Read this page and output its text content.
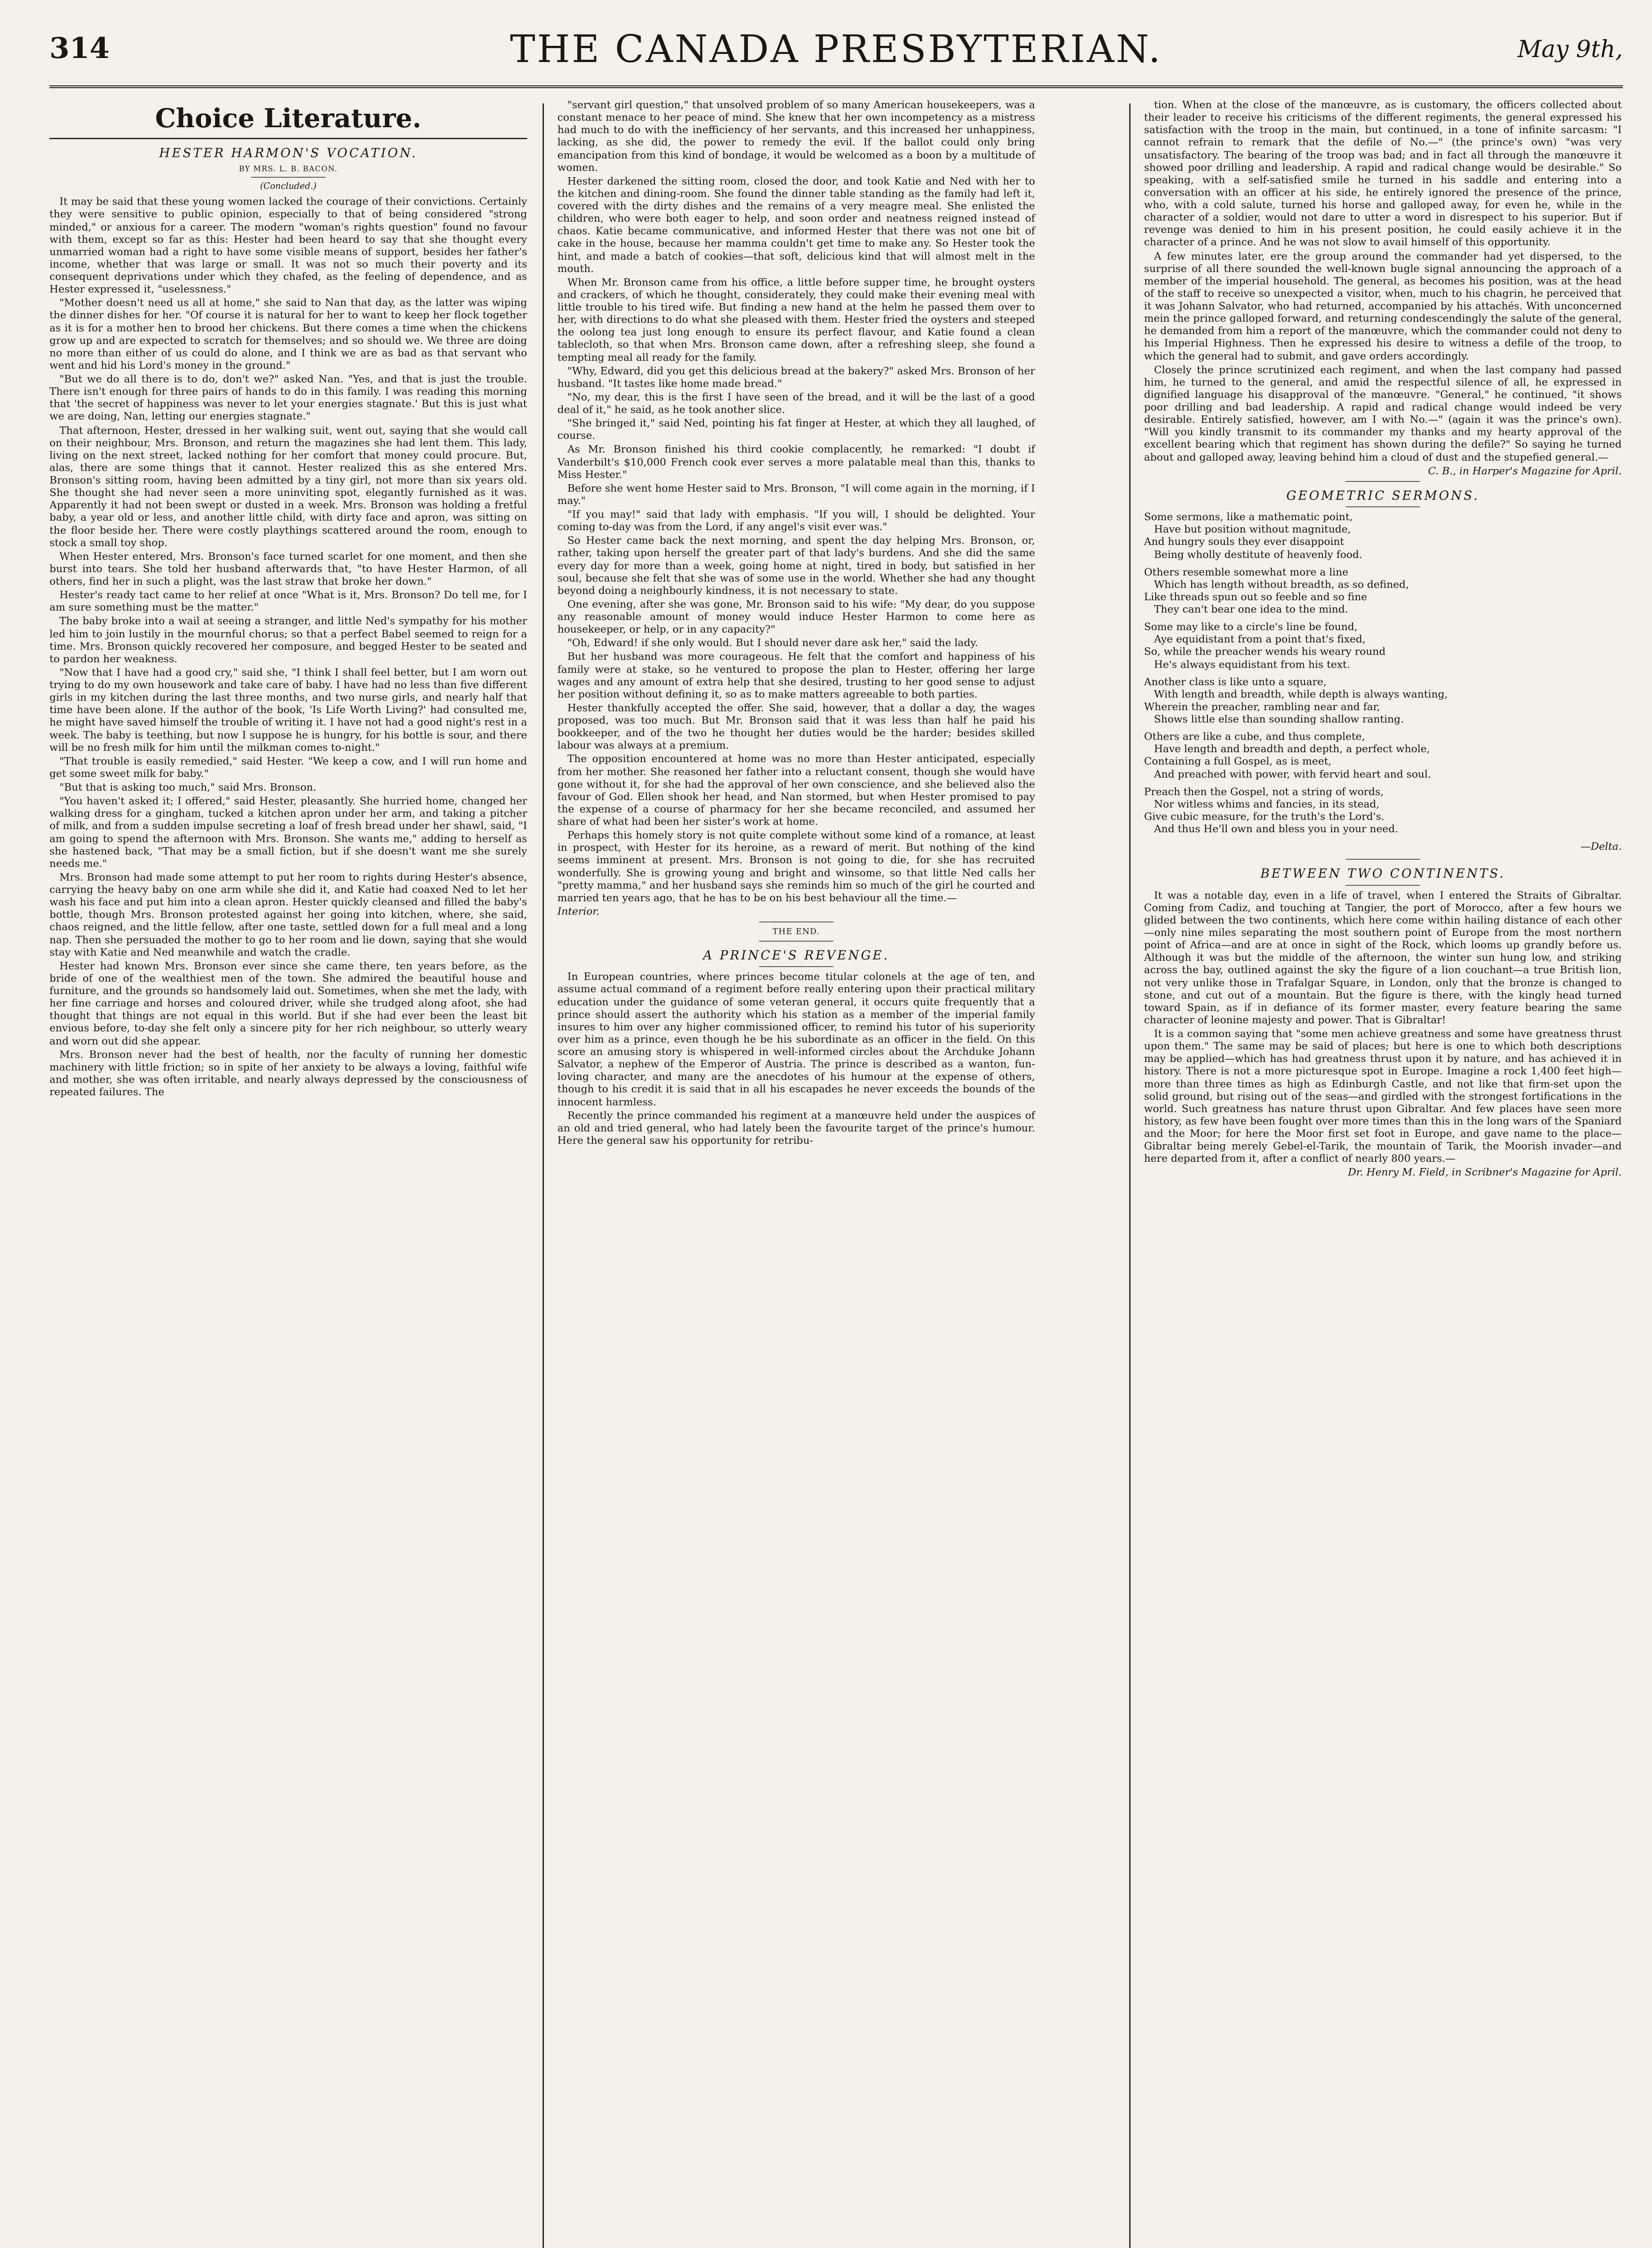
314	THE CANADA PRESBYTERIAN.	May 9th,
Choice Literature.
HESTER HARMON'S VOCATION.
BY MRS. L. B. BACON.
(Concluded.)

It may be said that these young women lacked the courage of their convictions. Certainly they were sensitive to public opinion, especially to that of being considered "strong minded," or anxious for a career. The modern "woman's rights question" found no favour with them, except so far as this: Hester had been heard to say that she thought every unmarried woman had a right to have some visible means of support, besides her father's income, whether that was large or small. It was not so much their poverty and its consequent deprivations under which they chafed, as the feeling of dependence, and as Hester expressed it, "uselessness."

"Mother doesn't need us all at home," she said to Nan that day, as the latter was wiping the dinner dishes for her. "Of course it is natural for her to want to keep her flock together as it is for a mother hen to brood her chickens. But there comes a time when the chickens grow up and are expected to scratch for themselves; and so should we. We three are doing no more than either of us could do alone, and I think we are as bad as that servant who went and hid his Lord's money in the ground."

"But we do all there is to do, don't we?" asked Nan. "Yes, and that is just the trouble. There isn't enough for three pairs of hands to do in this family. I was reading this morning that 'the secret of happiness was never to let your energies stagnate.' But this is just what we are doing, Nan, letting our energies stagnate."

That afternoon, Hester, dressed in her walking suit, went out, saying that she would call on their neighbour, Mrs. Bronson, and return the magazines she had lent them. This lady, living on the next street, lacked nothing for her comfort that money could procure. But, alas, there are some things that it cannot. Hester realized this as she entered Mrs. Bronson's sitting room, having been admitted by a tiny girl, not more than six years old. She thought she had never seen a more uninviting spot, elegantly furnished as it was. Apparently it had not been swept or dusted in a week. Mrs. Bronson was holding a fretful baby, a year old or less, and another little child, with dirty face and apron, was sitting on the floor beside her. There were costly playthings scattered around the room, enough to stock a small toy shop.

When Hester entered, Mrs. Bronson's face turned scarlet for one moment, and then she burst into tears. She told her husband afterwards that, "to have Hester Harmon, of all others, find her in such a plight, was the last straw that broke her down."

Hester's ready tact came to her relief at once "What is it, Mrs. Bronson? Do tell me, for I am sure something must be the matter."

The baby broke into a wail at seeing a stranger, and little Ned's sympathy for his mother led him to join lustily in the mournful chorus; so that a perfect Babel seemed to reign for a time. Mrs. Bronson quickly recovered her composure, and begged Hester to be seated and to pardon her weakness.

"Now that I have had a good cry," said she, "I think I shall feel better, but I am worn out trying to do my own housework and take care of baby. I have had no less than five different girls in my kitchen during the last three months, and two nurse girls, and nearly half that time have been alone. If the author of the book, 'Is Life Worth Living?' had consulted me, he might have saved himself the trouble of writing it. I have not had a good night's rest in a week. The baby is teething, but now I suppose he is hungry, for his bottle is sour, and there will be no fresh milk for him until the milkman comes to-night."

"That trouble is easily remedied," said Hester. "We keep a cow, and I will run home and get some sweet milk for baby."

"But that is asking too much," said Mrs. Bronson.

"You haven't asked it; I offered," said Hester, pleasantly. She hurried home, changed her walking dress for a gingham, tucked a kitchen apron under her arm, and taking a pitcher of milk, and from a sudden impulse secreting a loaf of fresh bread under her shawl, said, "I am going to spend the afternoon with Mrs. Bronson. She wants me," adding to herself as she hastened back, "That may be a small fiction, but if she doesn't want me she surely needs me."

Mrs. Bronson had made some attempt to put her room to rights during Hester's absence, carrying the heavy baby on one arm while she did it, and Katie had coaxed Ned to let her wash his face and put him into a clean apron. Hester quickly cleansed and filled the baby's bottle, though Mrs. Bronson protested against her going into kitchen, where, she said, chaos reigned, and the little fellow, after one taste, settled down for a full meal and a long nap. Then she persuaded the mother to go to her room and lie down, saying that she would stay with Katie and Ned meanwhile and watch the cradle.

Hester had known Mrs. Bronson ever since she came there, ten years before, as the bride of one of the wealthiest men of the town. She admired the beautiful house and furniture, and the grounds so handsomely laid out. Sometimes, when she met the lady, with her fine carriage and horses and coloured driver, while she trudged along afoot, she had thought that things are not equal in this world. But if she had ever been the least bit envious before, to-day she felt only a sincere pity for her rich neighbour, so utterly weary and worn out did she appear.

Mrs. Bronson never had the best of health, nor the faculty of running her domestic machinery with little friction; so in spite of her anxiety to be always a loving, faithful wife and mother, she was often irritable, and nearly always depressed by the consciousness of repeated failures. The

"servant girl question," that unsolved problem of so many American housekeepers, was a constant menace to her peace of mind. She knew that her own incompetency as a mistress had much to do with the inefficiency of her servants, and this increased her unhappiness, lacking, as she did, the power to remedy the evil. If the ballot could only bring emancipation from this kind of bondage, it would be welcomed as a boon by a multitude of women.

Hester darkened the sitting room, closed the door, and took Katie and Ned with her to the kitchen and dining-room. She found the dinner table standing as the family had left it, covered with the dirty dishes and the remains of a very meagre meal. She enlisted the children, who were both eager to help, and soon order and neatness reigned instead of chaos. Katie became communicative, and informed Hester that there was not one bit of cake in the house, because her mamma couldn't get time to make any. So Hester took the hint, and made a batch of cookies—that soft, delicious kind that will almost melt in the mouth.

When Mr. Bronson came from his office, a little before supper time, he brought oysters and crackers, of which he thought, considerately, they could make their evening meal with little trouble to his tired wife. But finding a new hand at the helm he passed them over to her, with directions to do what she pleased with them. Hester fried the oysters and steeped the oolong tea just long enough to ensure its perfect flavour, and Katie found a clean tablecloth, so that when Mrs. Bronson came down, after a refreshing sleep, she found a tempting meal all ready for the family.

"Why, Edward, did you get this delicious bread at the bakery?" asked Mrs. Bronson of her husband. "It tastes like home made bread."

"No, my dear, this is the first I have seen of the bread, and it will be the last of a good deal of it," he said, as he took another slice.

"She bringed it," said Ned, pointing his fat finger at Hester, at which they all laughed, of course.

As Mr. Bronson finished his third cookie complacently, he remarked: "I doubt if Vanderbilt's $10,000 French cook ever serves a more palatable meal than this, thanks to Miss Hester."

Before she went home Hester said to Mrs. Bronson, "I will come again in the morning, if I may."

"If you may!" said that lady with emphasis. "If you will, I should be delighted. Your coming to-day was from the Lord, if any angel's visit ever was."

So Hester came back the next morning, and spent the day helping Mrs. Bronson, or, rather, taking upon herself the greater part of that lady's burdens. And she did the same every day for more than a week, going home at night, tired in body, but satisfied in her soul, because she felt that she was of some use in the world. Whether she had any thought beyond doing a neighbourly kindness, it is not necessary to state.

One evening, after she was gone, Mr. Bronson said to his wife: "My dear, do you suppose any reasonable amount of money would induce Hester Harmon to come here as housekeeper, or help, or in any capacity?"

"Oh, Edward! if she only would. But I should never dare ask her," said the lady.

But her husband was more courageous. He felt that the comfort and happiness of his family were at stake, so he ventured to propose the plan to Hester, offering her large wages and any amount of extra help that she desired, trusting to her good sense to adjust her position without defining it, so as to make matters agreeable to both parties.

Hester thankfully accepted the offer. She said, however, that a dollar a day, the wages proposed, was too much. But Mr. Bronson said that it was less than half he paid his bookkeeper, and of the two he thought her duties would be the harder; besides skilled labour was always at a premium.

The opposition encountered at home was no more than Hester anticipated, especially from her mother. She reasoned her father into a reluctant consent, though she would have gone without it, for she had the approval of her own conscience, and she believed also the favour of God. Ellen shook her head, and Nan stormed, but when Hester promised to pay the expense of a course of pharmacy for her she became reconciled, and assumed her share of what had been her sister's work at home.

Perhaps this homely story is not quite complete without some kind of a romance, at least in prospect, with Hester for its heroine, as a reward of merit. But nothing of the kind seems imminent at present. Mrs. Bronson is not going to die, for she has recruited wonderfully. She is growing young and bright and winsome, so that little Ned calls her "pretty mamma," and her husband says she reminds him so much of the girl he courted and married ten years ago, that he has to be on his best behaviour all the time.—

Interior.

THE END.
A PRINCE'S REVENGE.

In European countries, where princes become titular colonels at the age of ten, and assume actual command of a regiment before really entering upon their practical military education under the guidance of some veteran general, it occurs quite frequently that a prince should assert the authority which his station as a member of the imperial family insures to him over any higher commissioned officer, to remind his tutor of his superiority over him as a prince, even though he be his subordinate as an officer in the field. On this score an amusing story is whispered in well-informed circles about the Archduke Johann Salvator, a nephew of the Emperor of Austria. The prince is described as a wanton, fun-loving character, and many are the anecdotes of his humour at the expense of others, though to his credit it is said that in all his escapades he never exceeds the bounds of the innocent harmless.

Recently the prince commanded his regiment at a manœuvre held under the auspices of an old and tried general, who had lately been the favourite target of the prince's humour. Here the general saw his opportunity for retribu-

tion. When at the close of the manœuvre, as is customary, the officers collected about their leader to receive his criticisms of the different regiments, the general expressed his satisfaction with the troop in the main, but continued, in a tone of infinite sarcasm: "I cannot refrain to remark that the defile of No.—" (the prince's own) "was very unsatisfactory. The bearing of the troop was bad; and in fact all through the manœuvre it showed poor drilling and leadership. A rapid and radical change would be desirable." So speaking, with a self-satisfied smile he turned in his saddle and entering into a conversation with an officer at his side, he entirely ignored the presence of the prince, who, with a cold salute, turned his horse and galloped away, for even he, while in the character of a soldier, would not dare to utter a word in disrespect to his superior. But if revenge was denied to him in his present position, he could easily achieve it in the character of a prince. And he was not slow to avail himself of this opportunity.

A few minutes later, ere the group around the commander had yet dispersed, to the surprise of all there sounded the well-known bugle signal announcing the approach of a member of the imperial household. The general, as becomes his position, was at the head of the staff to receive so unexpected a visitor, when, much to his chagrin, he perceived that it was Johann Salvator, who had returned, accompanied by his attachés. With unconcerned mein the prince galloped forward, and returning condescendingly the salute of the general, he demanded from him a report of the manœuvre, which the commander could not deny to his Imperial Highness. Then he expressed his desire to witness a defile of the troop, to which the general had to submit, and gave orders accordingly.

Closely the prince scrutinized each regiment, and when the last company had passed him, he turned to the general, and amid the respectful silence of all, he expressed in dignified language his disapproval of the manœuvre. "General," he continued, "it shows poor drilling and bad leadership. A rapid and radical change would indeed be very desirable. Entirely satisfied, however, am I with No.—" (again it was the prince's own). "Will you kindly transmit to its commander my thanks and my hearty approval of the excellent bearing which that regiment has shown during the defile?" So saying he turned about and galloped away, leaving behind him a cloud of dust and the stupefied general.—

C. B., in Harper's Magazine for April.

GEOMETRIC SERMONS.

Some sermons, like a mathematic point,

Have but position without magnitude,

And hungry souls they ever disappoint

Being wholly destitute of heavenly food.

Others resemble somewhat more a line

Which has length without breadth, as so defined,

Like threads spun out so feeble and so fine

They can't bear one idea to the mind.

Some may like to a circle's line be found,

Aye equidistant from a point that's fixed,

So, while the preacher wends his weary round

He's always equidistant from his text.

Another class is like unto a square,

With length and breadth, while depth is always wanting,

Wherein the preacher, rambling near and far,

Shows little else than sounding shallow ranting.

Others are like a cube, and thus complete,

Have length and breadth and depth, a perfect whole,

Containing a full Gospel, as is meet,

And preached with power, with fervid heart and soul.

Preach then the Gospel, not a string of words,

Nor witless whims and fancies, in its stead,

Give cubic measure, for the truth's the Lord's.

And thus He'll own and bless you in your need.

—Delta.
BETWEEN TWO CONTINENTS.

It was a notable day, even in a life of travel, when I entered the Straits of Gibraltar. Coming from Cadiz, and touching at Tangier, the port of Morocco, after a few hours we glided between the two continents, which here come within hailing distance of each other—only nine miles separating the most southern point of Europe from the most northern point of Africa—and are at once in sight of the Rock, which looms up grandly before us. Although it was but the middle of the afternoon, the winter sun hung low, and striking across the bay, outlined against the sky the figure of a lion couchant—a true British lion, not very unlike those in Trafalgar Square, in London, only that the bronze is changed to stone, and cut out of a mountain. But the figure is there, with the kingly head turned toward Spain, as if in defiance of its former master, every feature bearing the same character of leonine majesty and power. That is Gibraltar!

It is a common saying that "some men achieve greatness and some have greatness thrust upon them." The same may be said of places; but here is one to which both descriptions may be applied—which has had greatness thrust upon it by nature, and has achieved it in history. There is not a more picturesque spot in Europe. Imagine a rock 1,400 feet high—more than three times as high as Edinburgh Castle, and not like that firm-set upon the solid ground, but rising out of the seas—and girdled with the strongest fortifications in the world. Such greatness has nature thrust upon Gibraltar. And few places have seen more history, as few have been fought over more times than this in the long wars of the Spaniard and the Moor; for here the Moor first set foot in Europe, and gave name to the place—Gibraltar being merely Gebel-el-Tarik, the mountain of Tarik, the Moorish invader—and here departed from it, after a conflict of nearly 800 years.—

Dr. Henry M. Field, in Scribner's Magazine for April.
